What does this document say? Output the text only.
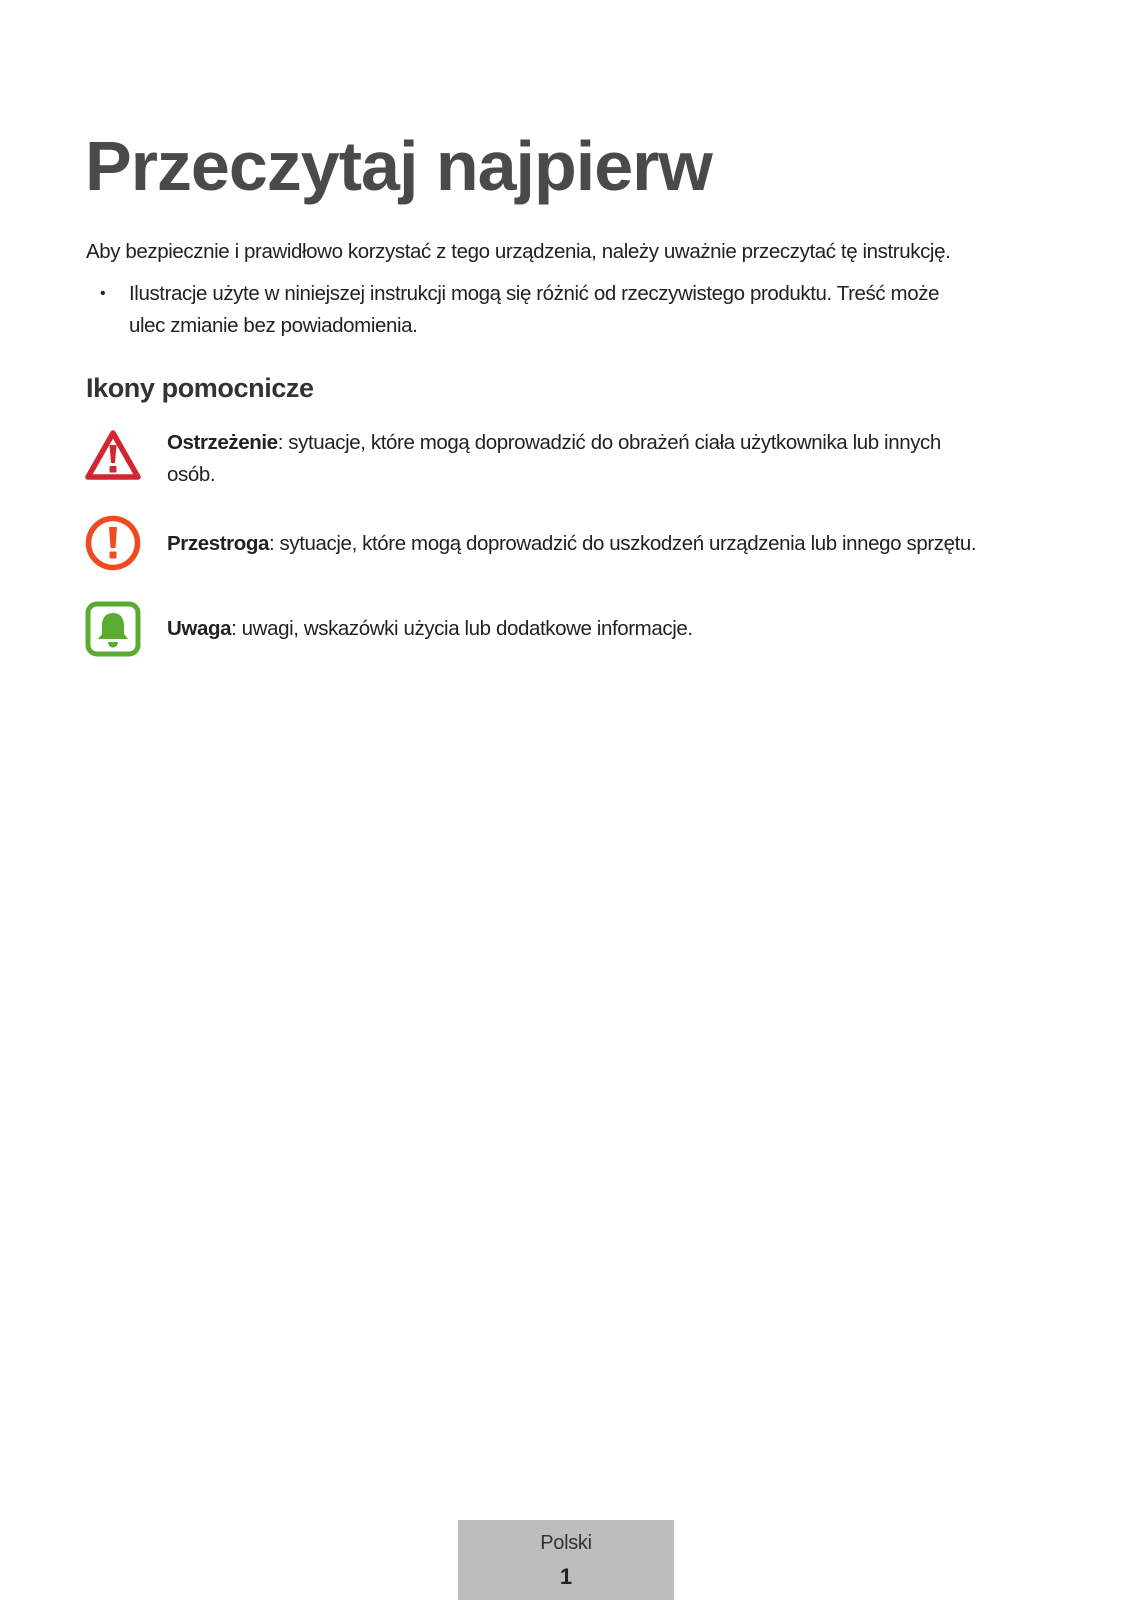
Przeczytaj najpierw

Aby bezpiecznie i prawidłowo korzystać z tego urządzenia, należy uważnie przeczytać tę instrukcję.

• Ilustracje użyte w niniejszej instrukcji mogą się różnić od rzeczywistego produktu. Treść może
ulec zmianie bez powiadomienia.
Ikony pomocnicze
Ostrzeżenie: sytuacje, które mogą doprowadzić do obrażeń ciała użytkownika lub innych
osób.
Przestroga: sytuacje, które mogą doprowadzić do uszkodzeń urządzenia lub innego sprzętu.
Uwaga: uwagi, wskazówki użycia lub dodatkowe informacje.
Polski
1
